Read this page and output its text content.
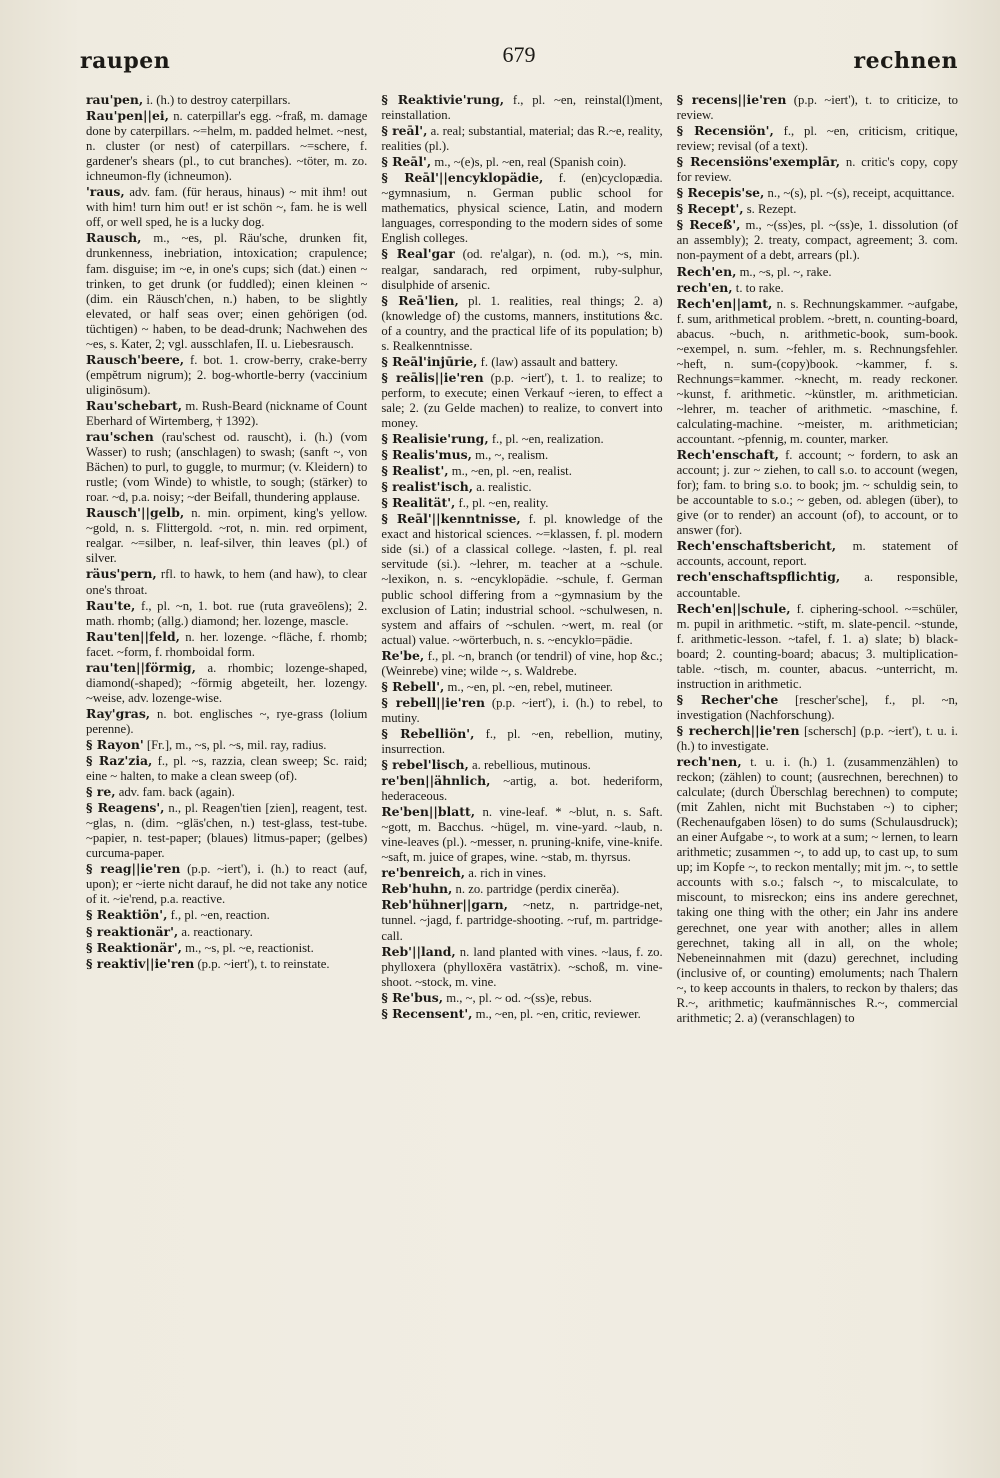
raupen	679	rechnen

rau'pen, i. (h.) to destroy caterpillars.

Rau'pen||ei, n. caterpillar's egg. ~fraß, m. damage done by caterpillars. ~=helm, m. padded helmet. ~nest, n. cluster (or nest) of caterpillars. ~=schere, f. gardener's shears (pl., to cut branches). ~töter, m. zo. ichneumon-fly (ichneumon).

'raus, adv. fam. (für heraus, hinaus) ~ mit ihm! out with him! turn him out! er ist schön ~, fam. he is well off, or well sped, he is a lucky dog.

Rausch, m., ~es, pl. Räu'sche, drunken fit, drunkenness, inebriation, intoxication; crapulence; fam. disguise; im ~e, in one's cups; sich (dat.) einen ~ trinken, to get drunk (or fuddled); einen kleinen ~ (dim. ein Räusch'chen, n.) haben, to be slightly elevated, or half seas over; einen gehörigen (od. tüchtigen) ~ haben, to be dead-drunk; Nachwehen des ~es, s. Kater, 2; vgl. ausschlafen, II. u. Liebesrausch.

Rausch'beere, f. bot. 1. crow-berry, crake-berry (empĕtrum nigrum); 2. bog-whortle-berry (vaccinium uliginōsum).

Rau'schebart, m. Rush-Beard (nickname of Count Eberhard of Wirtemberg, † 1392).

rau'schen (rau'schest od. rauscht), i. (h.) (vom Wasser) to rush; (anschlagen) to swash; (sanft ~, von Bächen) to purl, to guggle, to murmur; (v. Kleidern) to rustle; (vom Winde) to whistle, to sough; (stärker) to roar. ~d, p.a. noisy; ~der Beifall, thundering applause.

Rausch'||gelb, n. min. orpiment, king's yellow. ~gold, n. s. Flittergold. ~rot, n. min. red orpiment, realgar. ~=silber, n. leaf-silver, thin leaves (pl.) of silver.

räus'pern, rfl. to hawk, to hem (and haw), to clear one's throat.

Rau'te, f., pl. ~n, 1. bot. rue (ruta graveōlens); 2. math. rhomb; (allg.) diamond; her. lozenge, mascle.

Rau'ten||feld, n. her. lozenge. ~fläche, f. rhomb; facet. ~form, f. rhomboidal form.

rau'ten||förmig, a. rhombic; lozenge-shaped, diamond(-shaped); ~förmig abgeteilt, her. lozengy. ~weise, adv. lozenge-wise.

Ray'gras, n. bot. englisches ~, rye-grass (lolium perenne).

§ Rayon' [Fr.], m., ~s, pl. ~s, mil. ray, radius.

§ Raz'zia, f., pl. ~s, razzia, clean sweep; Sc. raid; eine ~ halten, to make a clean sweep (of).

§ re, adv. fam. back (again).

§ Reagens', n., pl. Reagen'tien [zien], reagent, test. ~glas, n. (dim. ~gläs'chen, n.) test-glass, test-tube. ~papier, n. test-paper; (blaues) litmus-paper; (gelbes) curcuma-paper.

§ reag||ie'ren (p.p. ~iert'), i. (h.) to react (auf, upon); er ~ierte nicht darauf, he did not take any notice of it. ~ie'rend, p.a. reactive.

§ Reaktiön', f., pl. ~en, reaction.

§ reaktionär', a. reactionary.

§ Reaktionär', m., ~s, pl. ~e, reactionist.

§ reaktiv||ie'ren (p.p. ~iert'), t. to reinstate.

§ Reaktivie'rung, f., pl. ~en, reinstal(l)ment, reinstallation.

§ reāl', a. real; substantial, material; das R.~e, reality, realities (pl.).

§ Reāl', m., ~(e)s, pl. ~en, real (Spanish coin).

§ Reāl'||encyklopädie, f. (en)cyclopædia. ~gymnasium, n. German public school for mathematics, physical science, Latin, and modern languages, corresponding to the modern sides of some English colleges.

§ Real'gar (od. re'algar), n. (od. m.), ~s, min. realgar, sandarach, red orpiment, ruby-sulphur, disulphide of arsenic.

§ Reā'lien, pl. 1. realities, real things; 2. a) (knowledge of) the customs, manners, institutions &c. of a country, and the practical life of its population; b) s. Realkenntnisse.

§ Reāl'injūrie, f. (law) assault and battery.

§ reālis||ie'ren (p.p. ~iert'), t. 1. to realize; to perform, to execute; einen Verkauf ~ieren, to effect a sale; 2. (zu Gelde machen) to realize, to convert into money.

§ Realisie'rung, f., pl. ~en, realization.

§ Realis'mus, m., ~, realism.

§ Realist', m., ~en, pl. ~en, realist.

§ realist'isch, a. realistic.

§ Realität', f., pl. ~en, reality.

§ Reāl'||kenntnisse, f. pl. knowledge of the exact and historical sciences. ~=klassen, f. pl. modern side (si.) of a classical college. ~lasten, f. pl. real servitude (si.). ~lehrer, m. teacher at a ~schule. ~lexikon, n. s. ~encyklopädie. ~schule, f. German public school differing from a ~gymnasium by the exclusion of Latin; industrial school. ~schulwesen, n. system and affairs of ~schulen. ~wert, m. real (or actual) value. ~wörterbuch, n. s. ~encyklo=pädie.

Re'be, f., pl. ~n, branch (or tendril) of vine, hop &c.; (Weinrebe) vine; wilde ~, s. Waldrebe.

§ Rebell', m., ~en, pl. ~en, rebel, mutineer.

§ rebell||ie'ren (p.p. ~iert'), i. (h.) to rebel, to mutiny.

§ Rebelliön', f., pl. ~en, rebellion, mutiny, insurrection.

§ rebel'lisch, a. rebellious, mutinous.

re'ben||ähnlich, ~artig, a. bot. hederiform, hederaceous.

Re'ben||blatt, n. vine-leaf. * ~blut, n. s. Saft. ~gott, m. Bacchus. ~hügel, m. vine-yard. ~laub, n. vine-leaves (pl.). ~messer, n. pruning-knife, vine-knife. ~saft, m. juice of grapes, wine. ~stab, m. thyrsus.

re'benreich, a. rich in vines.

Reb'huhn, n. zo. partridge (perdix cinerĕa).

Reb'hühner||garn, ~netz, n. partridge-net, tunnel. ~jagd, f. partridge-shooting. ~ruf, m. partridge-call.

Reb'||land, n. land planted with vines. ~laus, f. zo. phylloxera (phylloxēra vastātrix). ~schoß, m. vine-shoot. ~stock, m. vine.

§ Re'bus, m., ~, pl. ~ od. ~(ss)e, rebus.

§ Recensent', m., ~en, pl. ~en, critic, reviewer.

§ recens||ie'ren (p.p. ~iert'), t. to criticize, to review.

§ Recensiön', f., pl. ~en, criticism, critique, review; revisal (of a text).

§ Recensiöns'exemplār, n. critic's copy, copy for review.

§ Recepis'se, n., ~(s), pl. ~(s), receipt, acquittance.

§ Recept', s. Rezept.

§ Receß', m., ~(ss)es, pl. ~(ss)e, 1. dissolution (of an assembly); 2. treaty, compact, agreement; 3. com. non-payment of a debt, arrears (pl.).

Rech'en, m., ~s, pl. ~, rake.

rech'en, t. to rake.

Rech'en||amt, n. s. Rechnungskammer. ~aufgabe, f. sum, arithmetical problem. ~brett, n. counting-board, abacus. ~buch, n. arithmetic-book, sum-book. ~exempel, n. sum. ~fehler, m. s. Rechnungsfehler. ~heft, n. sum-(copy)book. ~kammer, f. s. Rechnungs=kammer. ~knecht, m. ready reckoner. ~kunst, f. arithmetic. ~künstler, m. arithmetician. ~lehrer, m. teacher of arithmetic. ~maschine, f. calculating-machine. ~meister, m. arithmetician; accountant. ~pfennig, m. counter, marker.

Rech'enschaft, f. account; ~ fordern, to ask an account; j. zur ~ ziehen, to call s.o. to account (wegen, for); fam. to bring s.o. to book; jm. ~ schuldig sein, to be accountable to s.o.; ~ geben, od. ablegen (über), to give (or to render) an account (of), to account, or to answer (for).

Rech'enschaftsbericht, m. statement of accounts, account, report.

rech'enschaftspflichtig, a. responsible, accountable.

Rech'en||schule, f. ciphering-school. ~=schüler, m. pupil in arithmetic. ~stift, m. slate-pencil. ~stunde, f. arithmetic-lesson. ~tafel, f. 1. a) slate; b) black-board; 2. counting-board; abacus; 3. multiplication-table. ~tisch, m. counter, abacus. ~unterricht, m. instruction in arithmetic.

§ Recher'che [rescher'sche], f., pl. ~n, investigation (Nachforschung).

§ recherch||ie'ren [schersch] (p.p. ~iert'), t. u. i. (h.) to investigate.

rech'nen, t. u. i. (h.) 1. (zusammenzählen) to reckon; (zählen) to count; (ausrechnen, berechnen) to calculate; (durch Überschlag berechnen) to compute; (mit Zahlen, nicht mit Buchstaben ~) to cipher; (Rechenaufgaben lösen) to do sums (Schulausdruck); an einer Aufgabe ~, to work at a sum; ~ lernen, to learn arithmetic; zusammen ~, to add up, to cast up, to sum up; im Kopfe ~, to reckon mentally; mit jm. ~, to settle accounts with s.o.; falsch ~, to miscalculate, to miscount, to misreckon; eins ins andere gerechnet, taking one thing with the other; ein Jahr ins andere gerechnet, one year with another; alles in allem gerechnet, taking all in all, on the whole; Nebeneinnahmen mit (dazu) gerechnet, including (inclusive of, or counting) emoluments; nach Thalern ~, to keep accounts in thalers, to reckon by thalers; das R.~, arithmetic; kaufmännisches R.~, commercial arithmetic; 2. a) (veranschlagen) to
